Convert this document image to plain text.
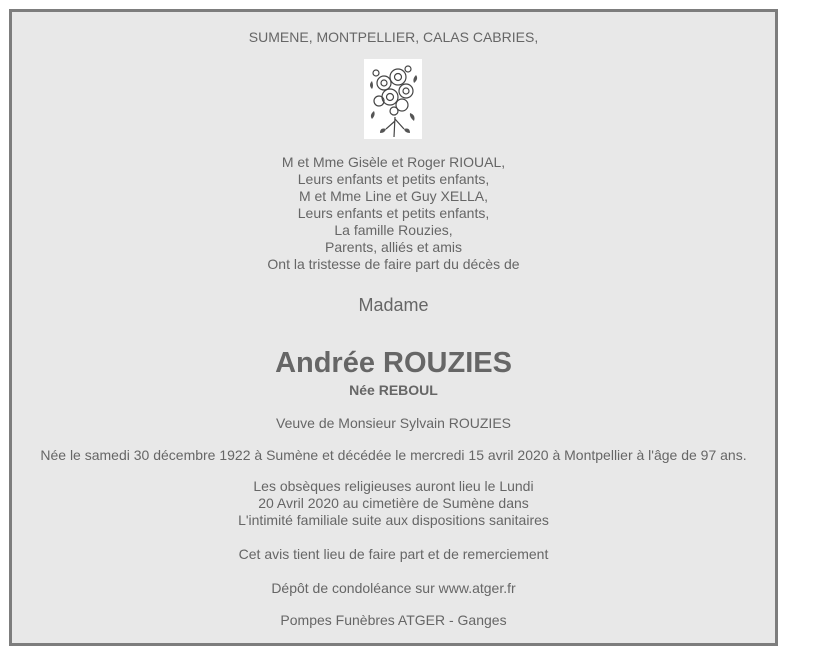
SUMENE, MONTPELLIER, CALAS CABRIES,
M et Mme Gisèle et Roger RIOUAL,
Leurs enfants et petits enfants,
M et Mme Line et Guy XELLA,
Leurs enfants et petits enfants,
La famille Rouzies,
Parents, alliés et amis
Ont la tristesse de faire part du décès de
Madame
Andrée ROUZIES
Née REBOUL
Veuve de Monsieur Sylvain ROUZIES
Née le samedi 30 décembre 1922 à Sumène et décédée le mercredi 15 avril 2020 à Montpellier à l'âge de 97 ans.
Les obsèques religieuses auront lieu le Lundi
20 Avril 2020 au cimetière de Sumène dans
L'intimité familiale suite aux dispositions sanitaires
Cet avis tient lieu de faire part et de remerciement
Dépôt de condoléance sur www.atger.fr
Pompes Funèbres ATGER - Ganges
